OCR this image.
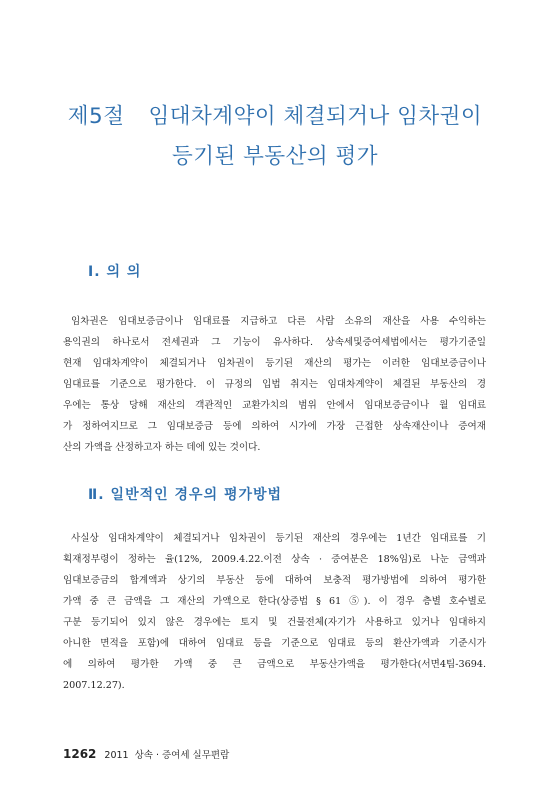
제5절 임대차계약이 체결되거나 임차권이
등기된 부동산의 평가
Ⅰ. 의 의

임차권은 임대보증금이나 임대료를 지급하고 다른 사람 소유의 재산을 사용 수익하는
용익권의 하나로서 전세권과 그 기능이 유사하다. 상속세및증여세법에서는 평가기준일
현재 임대차계약이 체결되거나 임차권이 등기된 재산의 평가는 이러한 임대보증금이나
임대료를 기준으로 평가한다. 이 규정의 입법 취지는 임대차계약이 체결된 부동산의 경
우에는 통상 당해 재산의 객관적인 교환가치의 범위 안에서 임대보증금이나 월 임대료
가 정하여지므로 그 임대보증금 등에 의하여 시가에 가장 근접한 상속재산이나 증여재
산의 가액을 산정하고자 하는 데에 있는 것이다.

Ⅱ. 일반적인 경우의 평가방법

사실상 임대차계약이 체결되거나 임차권이 등기된 재산의 경우에는 1년간 임대료를 기
획재정부령이 정하는 율(12%, 2009.4.22.이전 상속 · 증여분은 18%임)로 나눈 금액과
임대보증금의 합계액과 상기의 부동산 등에 대하여 보충적 평가방법에 의하여 평가한
가액 중 큰 금액을 그 재산의 가액으로 한다(상증법 § 61 ⑤). 이 경우 층별 호수별로
구분 등기되어 있지 않은 경우에는 토지 및 건물전체(자기가 사용하고 있거나 임대하지
아니한 면적을 포함)에 대하여 임대료 등을 기준으로 임대료 등의 환산가액과 기준시가
에 의하여 평가한 가액 중 큰 금액으로 부동산가액을 평가한다(서면4팀-3694.
2007.12.27).

1262 2011 상속 · 증여세 실무편람
